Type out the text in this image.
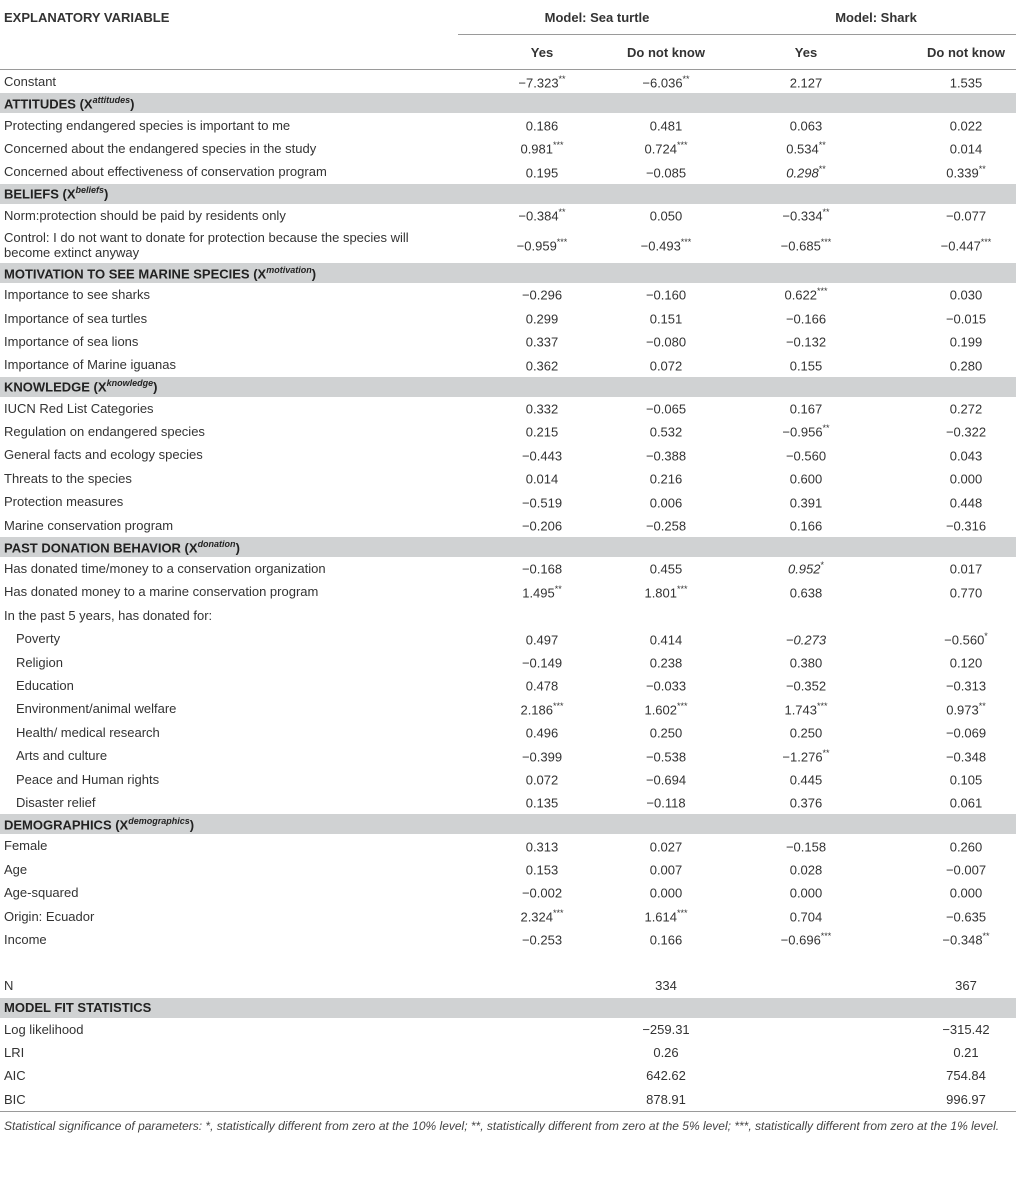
EXPLANATORY VARIABLE	Model: Sea turtle		Model: Shark	
	Yes	Do not know	Yes	Do not know
Constant	−7.323**	−6.036**	2.127	1.535
ATTITUDES $(X^{attitudes})$				
Protecting endangered species is important to me	0.186	0.481	0.063	0.022
Concerned about the endangered species in the study	0.981***	0.724***	0.534**	0.014
Concerned about effectiveness of conservation program	0.195	−0.085	0.298**	0.339**
BELIEFS $(X^{beliefs})$				
Norm:protection should be paid by residents only	−0.384**	0.050	−0.334**	−0.077
Control: I do not want to donate for protection because the species will become extinct anyway	−0.959***	−0.493***	−0.685***	−0.447***
MOTIVATION TO SEE MARINE SPECIES $(X^{motivation})$				
Importance to see sharks	−0.296	−0.160	0.622***	0.030
Importance of sea turtles	0.299	0.151	−0.166	−0.015
Importance of sea lions	0.337	−0.080	−0.132	0.199
Importance of Marine iguanas	0.362	0.072	0.155	0.280
KNOWLEDGE $(X^{knowledge})$				
IUCN Red List Categories	0.332	−0.065	0.167	0.272
Regulation on endangered species	0.215	0.532	−0.956**	−0.322
General facts and ecology species	−0.443	−0.388	−0.560	0.043
Threats to the species	0.014	0.216	0.600	0.000
Protection measures	−0.519	0.006	0.391	0.448
Marine conservation program	−0.206	−0.258	0.166	−0.316
PAST DONATION BEHAVIOR $(X^{donation})$				
Has donated time/money to a conservation organization	−0.168	0.455	0.952*	0.017
Has donated money to a marine conservation program	1.495**	1.801***	0.638	0.770
In the past 5 years, has donated for:				
Poverty	0.497	0.414	−0.273	−0.560*
Religion	−0.149	0.238	0.380	0.120
Education	0.478	−0.033	−0.352	−0.313
Environment/animal welfare	2.186***	1.602***	1.743***	0.973**
Health/ medical research	0.496	0.250	0.250	−0.069
Arts and culture	−0.399	−0.538	−1.276**	−0.348
Peace and Human rights	0.072	−0.694	0.445	0.105
Disaster relief	0.135	−0.118	0.376	0.061
DEMOGRAPHICS $(X^{demographics})$				
Female	0.313	0.027	−0.158	0.260
Age	0.153	0.007	0.028	−0.007
Age-squared	−0.002	0.000	0.000	0.000
Origin: Ecuador	2.324***	1.614***	0.704	−0.635
Income	−0.253	0.166	−0.696***	−0.348**

N		334		367
MODEL FIT STATISTICS				
Log likelihood		−259.31		−315.42
LRI		0.26		0.21
AIC		642.62		754.84
BIC		878.91		996.97
Statistical significance of parameters: *, statistically different from zero at the 10% level; **, statistically different from zero at the 5% level; ***, statistically different from zero at the 1% level.
